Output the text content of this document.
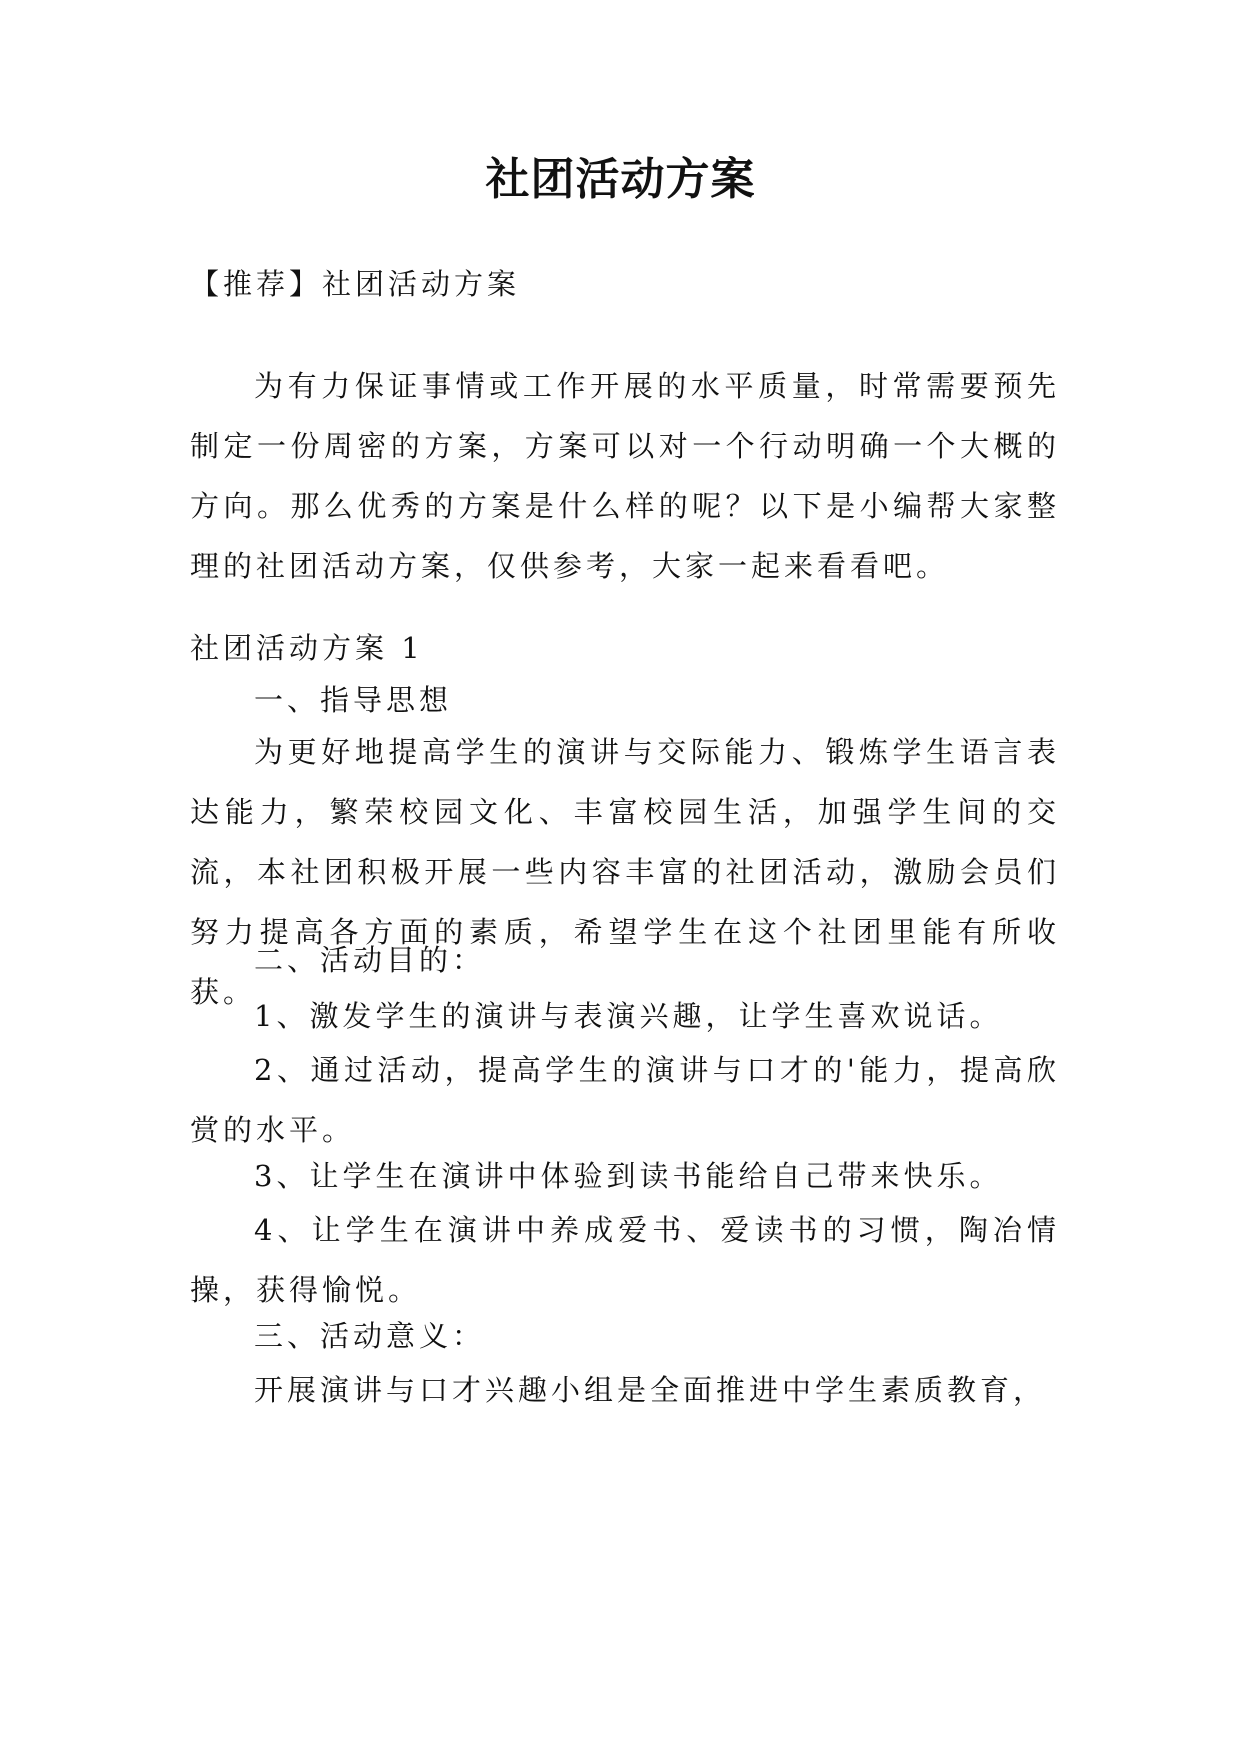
社团活动方案
【推荐】社团活动方案
为有力保证事情或工作开展的水平质量，时常需要预先制定一份周密的方案，方案可以对一个行动明确一个大概的方向。那么优秀的方案是什么样的呢？以下是小编帮大家整理的社团活动方案，仅供参考，大家一起来看看吧。
社团活动方案 1
一、指导思想
为更好地提高学生的演讲与交际能力、锻炼学生语言表达能力，繁荣校园文化、丰富校园生活，加强学生间的交流，本社团积极开展一些内容丰富的社团活动，激励会员们努力提高各方面的素质，希望学生在这个社团里能有所收获。
二、活动目的：
1、激发学生的演讲与表演兴趣，让学生喜欢说话。
2、通过活动，提高学生的演讲与口才的'能力，提高欣赏的水平。
3、让学生在演讲中体验到读书能给自己带来快乐。
4、让学生在演讲中养成爱书、爱读书的习惯，陶冶情操，获得愉悦。
三、活动意义：
开展演讲与口才兴趣小组是全面推进中学生素质教育，
